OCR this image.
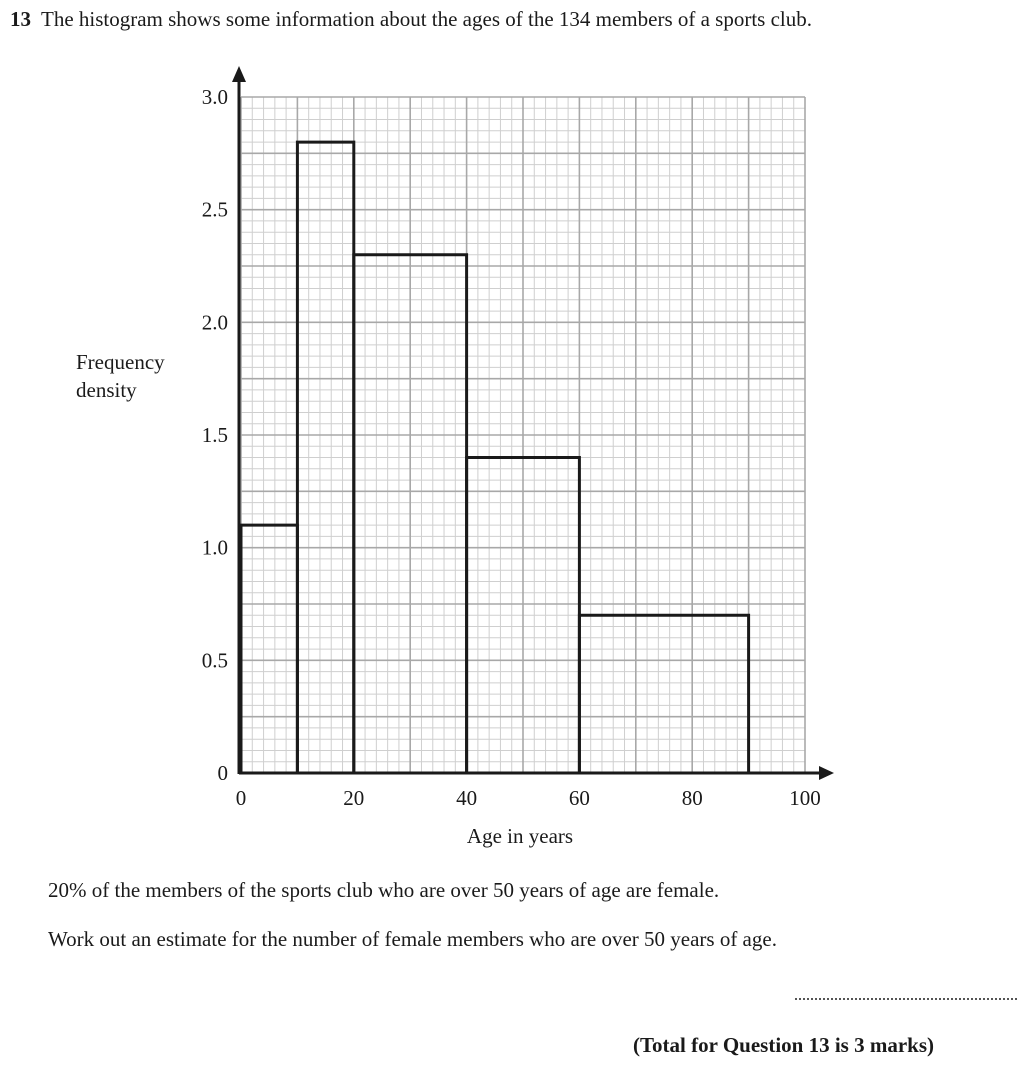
13 The histogram shows some information about the ages of the 134 members of a sports club.
0	20	40	60	80	100
0
0.5
1.0
1.5
2.0
2.5
3.0
Frequency
density
Age in years
20% of the members of the sports club who are over 50 years of age are female.
Work out an estimate for the number of female members who are over 50 years of age.
(Total for Question 13 is 3 marks)
